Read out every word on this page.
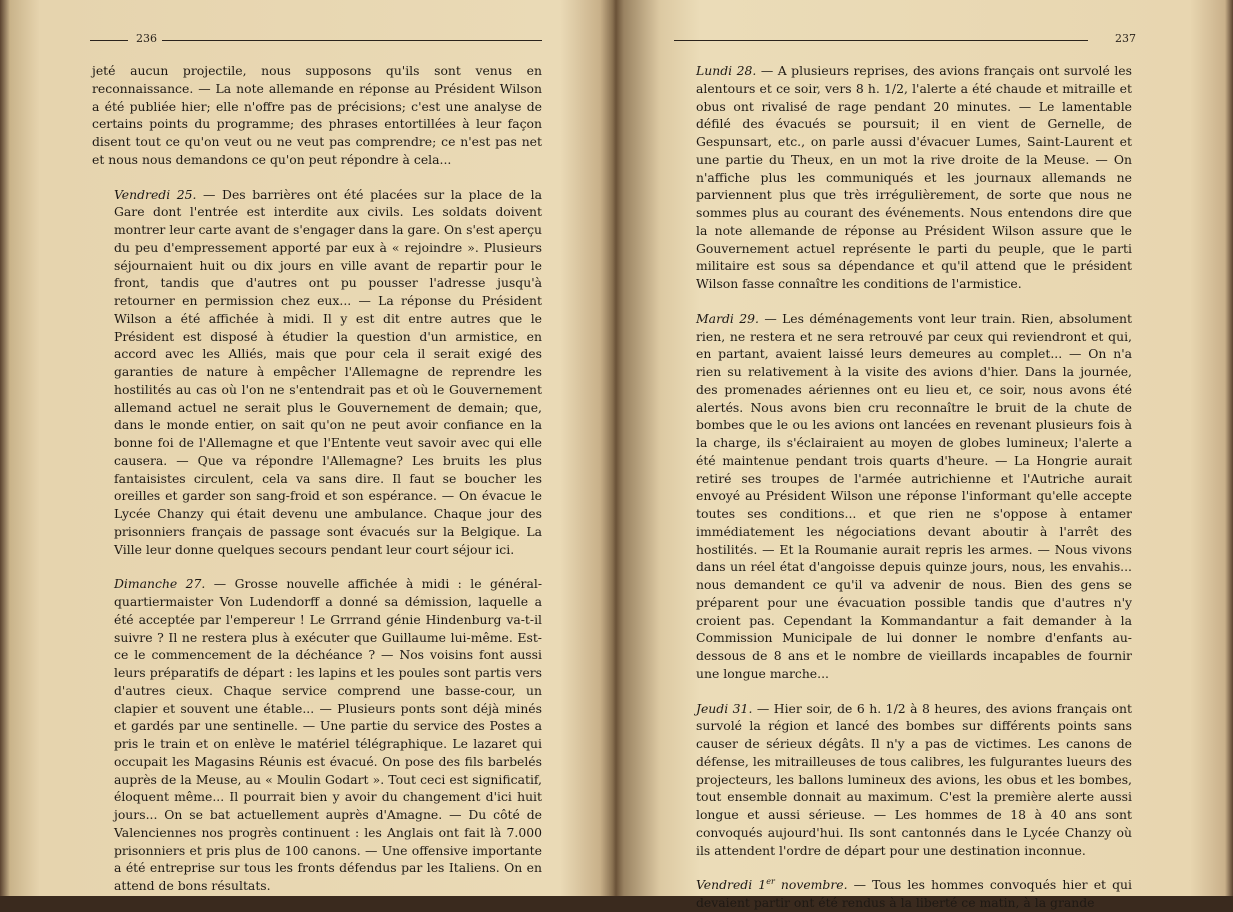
236

jeté aucun projectile, nous supposons qu'ils sont venus en reconnaissance. — La note allemande en réponse au Président Wilson a été publiée hier; elle n'offre pas de précisions; c'est une analyse de certains points du programme; des phrases entortillées à leur façon disent tout ce qu'on veut ou ne veut pas comprendre; ce n'est pas net et nous nous demandons ce qu'on peut répondre à cela...

Vendredi 25. — Des barrières ont été placées sur la place de la Gare dont l'entrée est interdite aux civils. Les soldats doivent montrer leur carte avant de s'engager dans la gare. On s'est aperçu du peu d'empressement apporté par eux à « rejoindre ». Plusieurs séjournaient huit ou dix jours en ville avant de repartir pour le front, tandis que d'autres ont pu pousser l'adresse jusqu'à retourner en permission chez eux... — La réponse du Président Wilson a été affichée à midi. Il y est dit entre autres que le Président est disposé à étudier la question d'un armistice, en accord avec les Alliés, mais que pour cela il serait exigé des garanties de nature à empêcher l'Allemagne de reprendre les hostilités au cas où l'on ne s'entendrait pas et où le Gouvernement allemand actuel ne serait plus le Gouvernement de demain; que, dans le monde entier, on sait qu'on ne peut avoir confiance en la bonne foi de l'Allemagne et que l'Entente veut savoir avec qui elle causera. — Que va répondre l'Allemagne? Les bruits les plus fantaisistes circulent, cela va sans dire. Il faut se boucher les oreilles et garder son sang-froid et son espérance. — On évacue le Lycée Chanzy qui était devenu une ambulance. Chaque jour des prisonniers français de passage sont évacués sur la Belgique. La Ville leur donne quelques secours pendant leur court séjour ici.

Dimanche 27. — Grosse nouvelle affichée à midi : le général-quartiermaister Von Ludendorff a donné sa démission, laquelle a été acceptée par l'empereur ! Le Grrrand génie Hindenburg va-t-il suivre ? Il ne restera plus à exécuter que Guillaume lui-même. Est-ce le commencement de la déchéance ? — Nos voisins font aussi leurs préparatifs de départ : les lapins et les poules sont partis vers d'autres cieux. Chaque service comprend une basse-cour, un clapier et souvent une étable... — Plusieurs ponts sont déjà minés et gardés par une sentinelle. — Une partie du service des Postes a pris le train et on enlève le matériel télégraphique. Le lazaret qui occupait les Magasins Réunis est évacué. On pose des fils barbelés auprès de la Meuse, au « Moulin Godart ». Tout ceci est significatif, éloquent même... Il pourrait bien y avoir du changement d'ici huit jours... On se bat actuellement auprès d'Amagne. — Du côté de Valenciennes nos progrès continuent : les Anglais ont fait là 7.000 prisonniers et pris plus de 100 canons. — Une offensive importante a été entreprise sur tous les fronts défendus par les Italiens. On en attend de bons résultats.

237

Lundi 28. — A plusieurs reprises, des avions français ont survolé les alentours et ce soir, vers 8 h. 1/2, l'alerte a été chaude et mitraille et obus ont rivalisé de rage pendant 20 minutes. — Le lamentable défilé des évacués se poursuit; il en vient de Gernelle, de Gespunsart, etc., on parle aussi d'évacuer Lumes, Saint-Laurent et une partie du Theux, en un mot la rive droite de la Meuse. — On n'affiche plus les communiqués et les journaux allemands ne parviennent plus que très irrégulièrement, de sorte que nous ne sommes plus au courant des événements. Nous entendons dire que la note allemande de réponse au Président Wilson assure que le Gouvernement actuel représente le parti du peuple, que le parti militaire est sous sa dépendance et qu'il attend que le président Wilson fasse connaître les conditions de l'armistice.

Mardi 29. — Les déménagements vont leur train. Rien, absolument rien, ne restera et ne sera retrouvé par ceux qui reviendront et qui, en partant, avaient laissé leurs demeures au complet... — On n'a rien su relativement à la visite des avions d'hier. Dans la journée, des promenades aériennes ont eu lieu et, ce soir, nous avons été alertés. Nous avons bien cru reconnaître le bruit de la chute de bombes que le ou les avions ont lancées en revenant plusieurs fois à la charge, ils s'éclairaient au moyen de globes lumineux; l'alerte a été maintenue pendant trois quarts d'heure. — La Hongrie aurait retiré ses troupes de l'armée autrichienne et l'Autriche aurait envoyé au Président Wilson une réponse l'informant qu'elle accepte toutes ses conditions... et que rien ne s'oppose à entamer immédiatement les négociations devant aboutir à l'arrêt des hostilités. — Et la Roumanie aurait repris les armes. — Nous vivons dans un réel état d'angoisse depuis quinze jours, nous, les envahis... nous demandent ce qu'il va advenir de nous. Bien des gens se préparent pour une évacuation possible tandis que d'autres n'y croient pas. Cependant la Kommandantur a fait demander à la Commission Municipale de lui donner le nombre d'enfants au-dessous de 8 ans et le nombre de vieillards incapables de fournir une longue marche...

Jeudi 31. — Hier soir, de 6 h. 1/2 à 8 heures, des avions français ont survolé la région et lancé des bombes sur différents points sans causer de sérieux dégâts. Il n'y a pas de victimes. Les canons de défense, les mitrailleuses de tous calibres, les fulgurantes lueurs des projecteurs, les ballons lumineux des avions, les obus et les bombes, tout ensemble donnait au maximum. C'est la première alerte aussi longue et aussi sérieuse. — Les hommes de 18 à 40 ans sont convoqués aujourd'hui. Ils sont cantonnés dans le Lycée Chanzy où ils attendent l'ordre de départ pour une destination inconnue.

Vendredi 1er novembre. — Tous les hommes convoqués hier et qui devaient partir ont été rendus à la liberté ce matin, à la grande
